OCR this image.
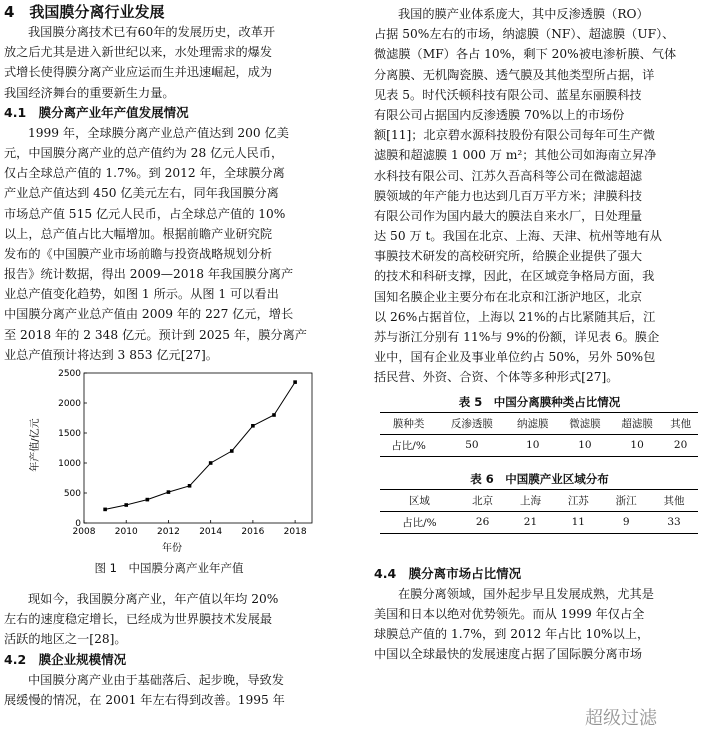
4　我国膜分离行业发展
我国膜分离技术已有60年的发展历史，改革开
放之后尤其是进入新世纪以来，水处理需求的爆发
式增长使得膜分离产业应运而生并迅速崛起，成为
我国经济舞台的重要新生力量。
4.1　膜分离产业年产值发展情况
1999 年，全球膜分离产业总产值达到 200 亿美
元，中国膜分离产业的总产值约为 28 亿元人民币，
仅占全球总产值的 1.7%。到 2012 年，全球膜分离
产业总产值达到 450 亿美元左右，同年我国膜分离
市场总产值 515 亿元人民币，占全球总产值的 10%
以上，总产值占比大幅增加。根据前瞻产业研究院
发布的《中国膜产业市场前瞻与投资战略规划分析
报告》统计数据，得出 2009—2018 年我国膜分离产
业总产值变化趋势，如图 1 所示。从图 1 可以看出
中国膜分离产业总产值由 2009 年的 227 亿元，增长
至 2018 年的 2 348 亿元。预计到 2025 年，膜分离产
业总产值预计将达到 3 853 亿元[27]。
2008 2010 2012 2014 2016 2018
0
500
1000
1500
2000
2500
年份
年产值/亿元
图 1　中国膜分离产业年产值
现如今，我国膜分离产业，年产值以年均 20%
左右的速度稳定增长，已经成为世界膜技术发展最
活跃的地区之一[28]。
4.2　膜企业规模情况
中国膜分离产业由于基础落后、起步晚，导致发
展缓慢的情况，在 2001 年左右得到改善。1995 年
我国的膜产业体系庞大，其中反渗透膜（RO）
占据 50%左右的市场，纳滤膜（NF）、超滤膜（UF）、
微滤膜（MF）各占 10%，剩下 20%被电渗析膜、气体
分离膜、无机陶瓷膜、透气膜及其他类型所占据，详
见表 5。时代沃顿科技有限公司、蓝星东丽膜科技
有限公司占据国内反渗透膜 70%以上的市场份
额[11]；北京碧水源科技股份有限公司每年可生产微
滤膜和超滤膜 1 000 万 m²；其他公司如海南立昇净
水科技有限公司、江苏久吾高科等公司在微滤超滤
膜领域的年产能力也达到几百万平方米；津膜科技
有限公司作为国内最大的膜法自来水厂，日处理量
达 50 万 t。我国在北京、上海、天津、杭州等地有从
事膜技术研发的高校研究所，给膜企业提供了强大
的技术和科研支撑，因此，在区域竞争格局方面，我
国知名膜企业主要分布在北京和江浙沪地区，北京
以 26%占据首位，上海以 21%的占比紧随其后，江
苏与浙江分别有 11%与 9%的份额，详见表 6。膜企
业中，国有企业及事业单位约占 50%，另外 50%包
括民营、外资、合资、个体等多种形式[27]。
表 5　中国分离膜种类占比情况
膜种类	反渗透膜	纳滤膜	微滤膜	超滤膜	其他
占比/%	50	10	10	10	20
表 6　中国膜产业区域分布
区域	北京	上海	江苏	浙江	其他
占比/%	26	21	11	9	33
4.4　膜分离市场占比情况
在膜分离领域，国外起步早且发展成熟，尤其是
美国和日本以绝对优势领先。而从 1999 年仅占全
球膜总产值的 1.7%，到 2012 年占比 10%以上，
中国以全球最快的发展速度占据了国际膜分离市场
超级过滤
